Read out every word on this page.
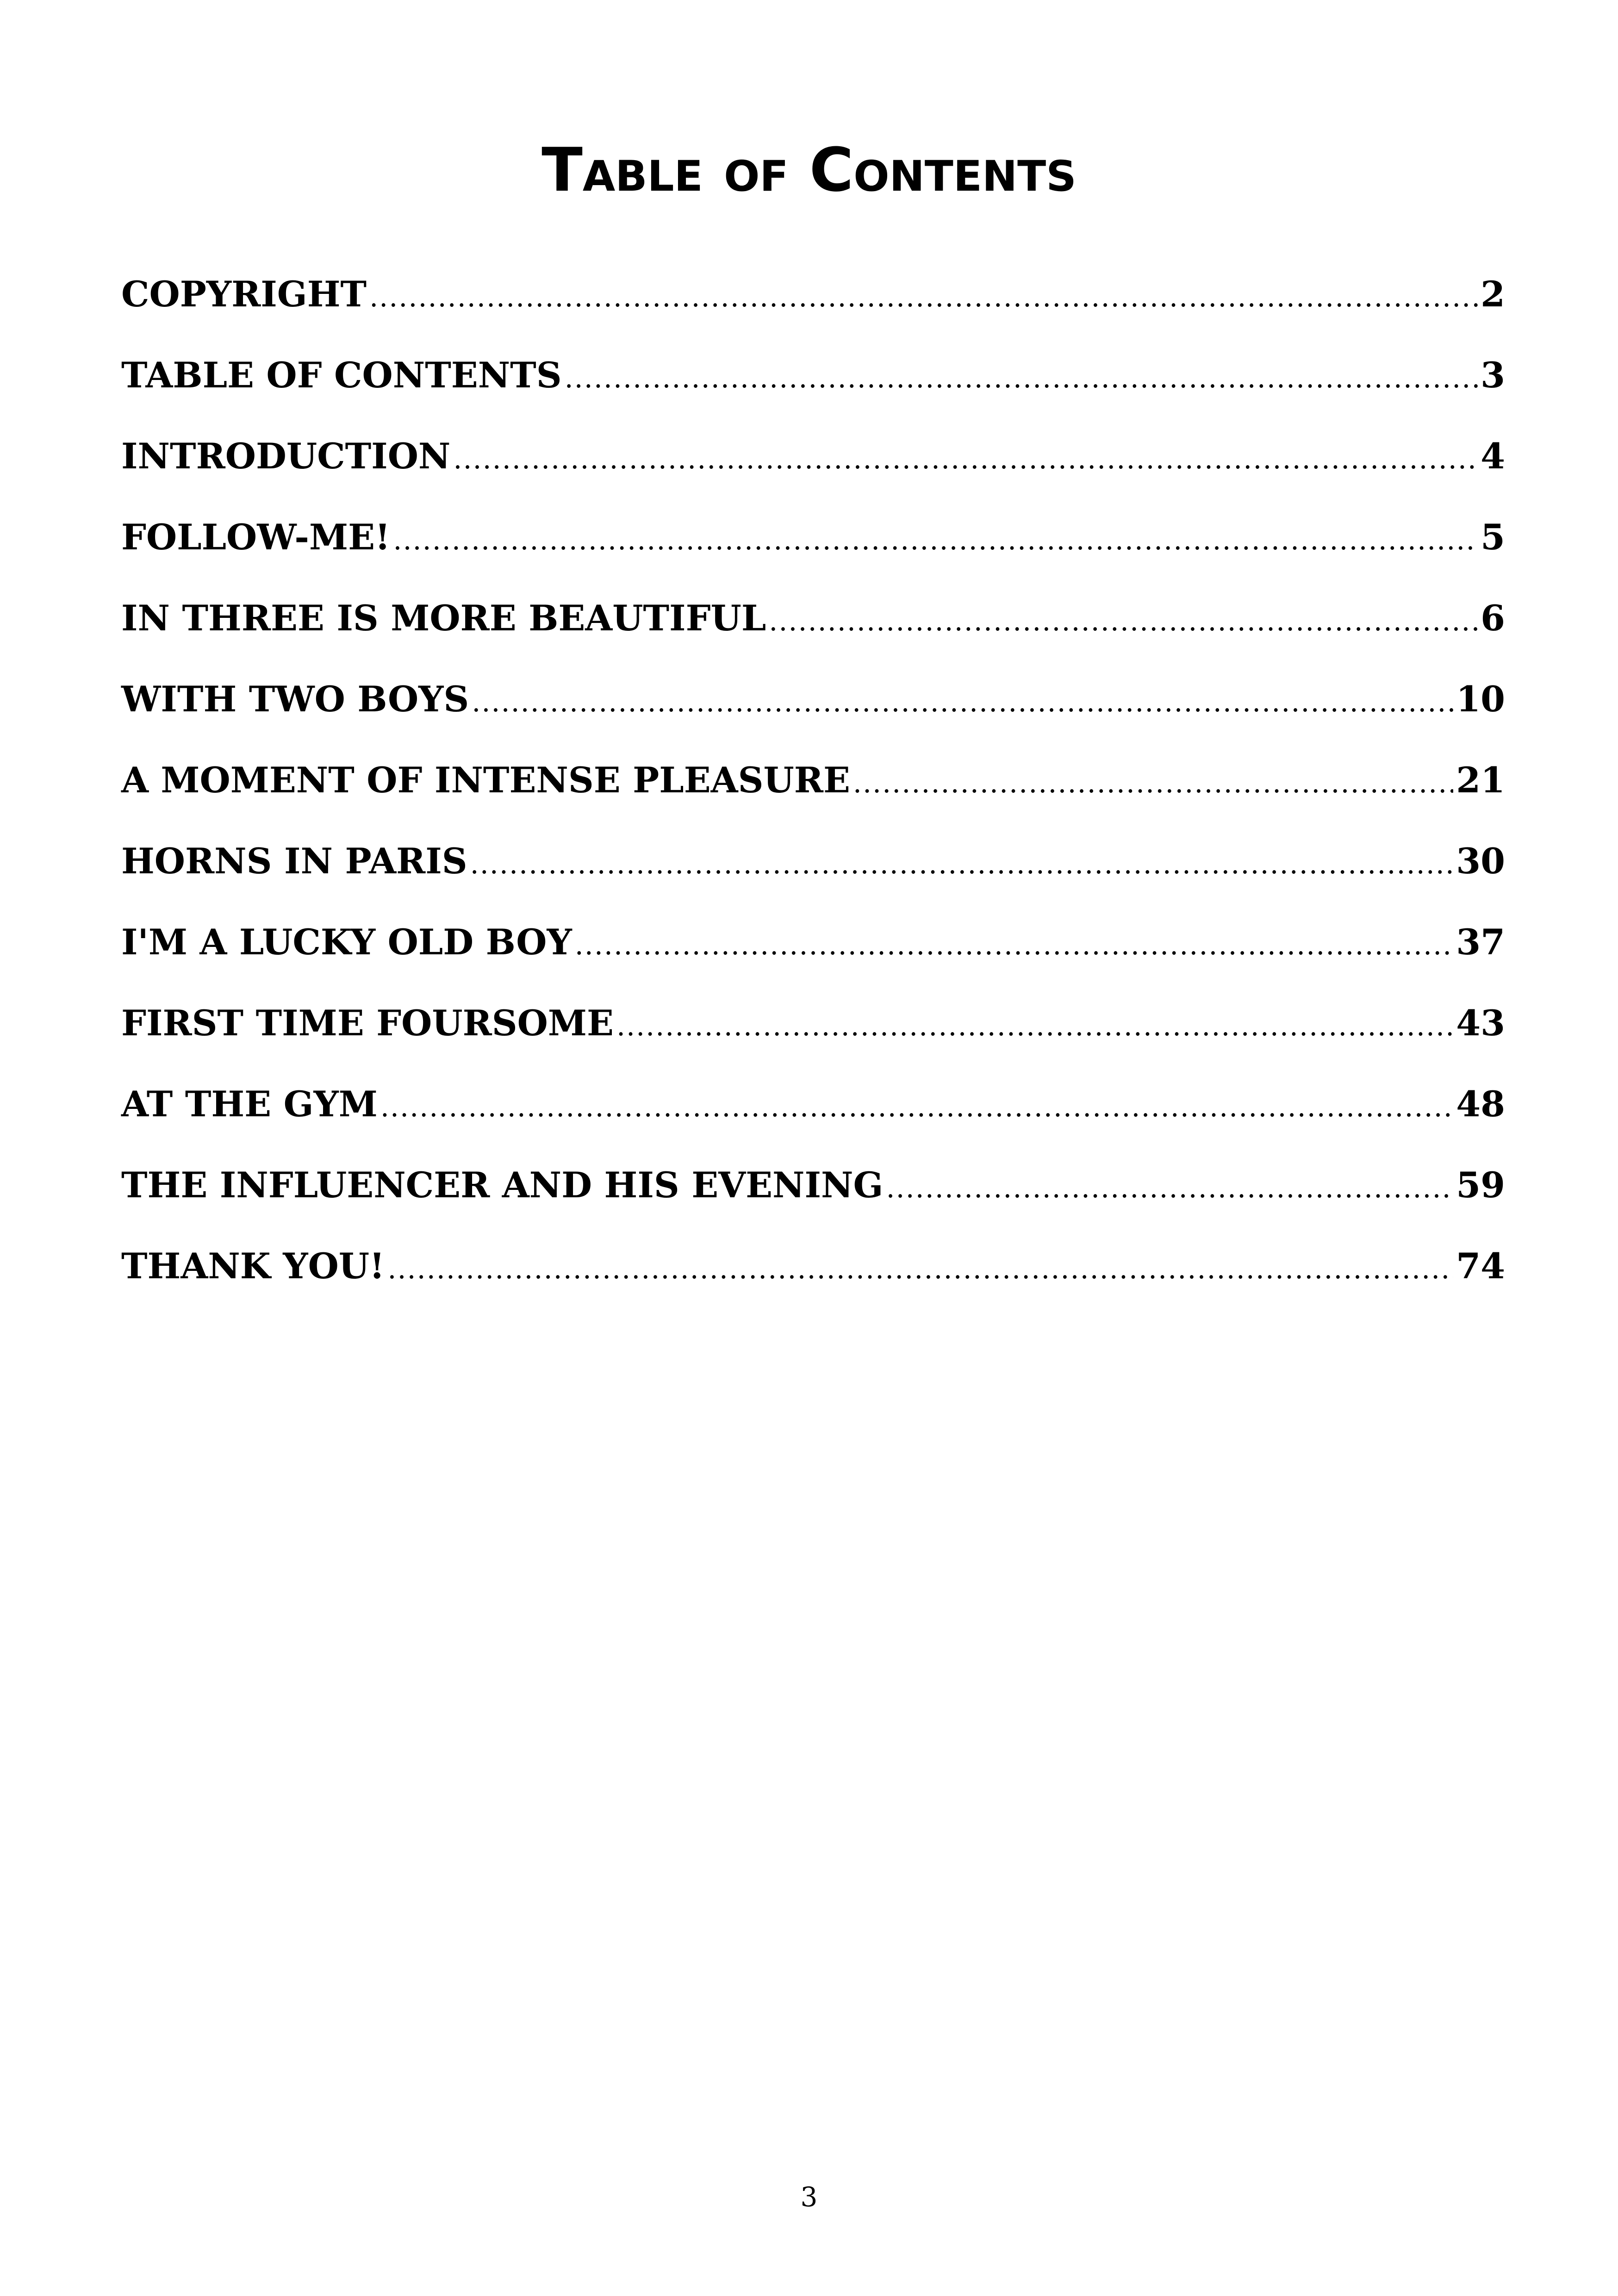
Table of Contents
COPYRIGHT .....	2
TABLE OF CONTENTS .....	3
INTRODUCTION .....	4
FOLLOW-ME! .....	5
IN THREE IS MORE BEAUTIFUL .....	6
WITH TWO BOYS .....	10
A MOMENT OF INTENSE PLEASURE .....	21
HORNS IN PARIS .....	30
I'M A LUCKY OLD BOY .....	37
FIRST TIME FOURSOME .....	43
AT THE GYM .....	48
THE INFLUENCER AND HIS EVENING .....	59
THANK YOU! .....	74
3
